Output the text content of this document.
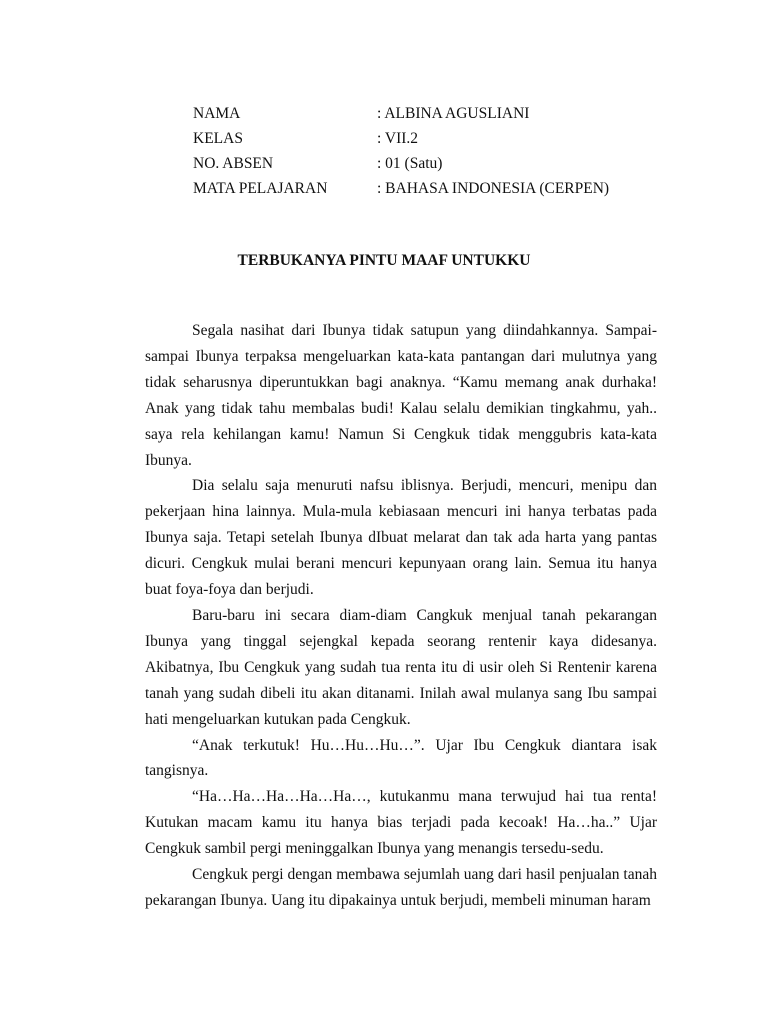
NAMA	: ALBINA AGUSLIANI
KELAS	: VII.2
NO. ABSEN	: 01 (Satu)
MATA PELAJARAN	: BAHASA INDONESIA (CERPEN)
TERBUKANYA PINTU MAAF UNTUKKU

Segala nasihat dari Ibunya tidak satupun yang diindahkannya. Sampai-sampai Ibunya terpaksa mengeluarkan kata-kata pantangan dari mulutnya yang tidak seharusnya diperuntukkan bagi anaknya. “Kamu memang anak durhaka! Anak yang tidak tahu membalas budi! Kalau selalu demikian tingkahmu, yah.. saya rela kehilangan kamu! Namun Si Cengkuk tidak menggubris kata-kata Ibunya.

Dia selalu saja menuruti nafsu iblisnya. Berjudi, mencuri, menipu dan pekerjaan hina lainnya. Mula-mula kebiasaan mencuri ini hanya terbatas pada Ibunya saja. Tetapi setelah Ibunya dIbuat melarat dan tak ada harta yang pantas dicuri. Cengkuk mulai berani mencuri kepunyaan orang lain. Semua itu hanya buat foya-foya dan berjudi.

Baru-baru ini secara diam-diam Cangkuk menjual tanah pekarangan Ibunya yang tinggal sejengkal kepada seorang rentenir kaya didesanya. Akibatnya, Ibu Cengkuk yang sudah tua renta itu di usir oleh Si Rentenir karena tanah yang sudah dibeli itu akan ditanami. Inilah awal mulanya sang Ibu sampai hati mengeluarkan kutukan pada Cengkuk.

“Anak terkutuk! Hu…Hu…Hu…”. Ujar Ibu Cengkuk diantara isak tangisnya.

“Ha…Ha…Ha…Ha…Ha…, kutukanmu mana terwujud hai tua renta! Kutukan macam kamu itu hanya bias terjadi pada kecoak! Ha…ha..” Ujar Cengkuk sambil pergi meninggalkan Ibunya yang menangis tersedu-sedu.

Cengkuk pergi dengan membawa sejumlah uang dari hasil penjualan tanah pekarangan Ibunya. Uang itu dipakainya untuk berjudi, membeli minuman haram
